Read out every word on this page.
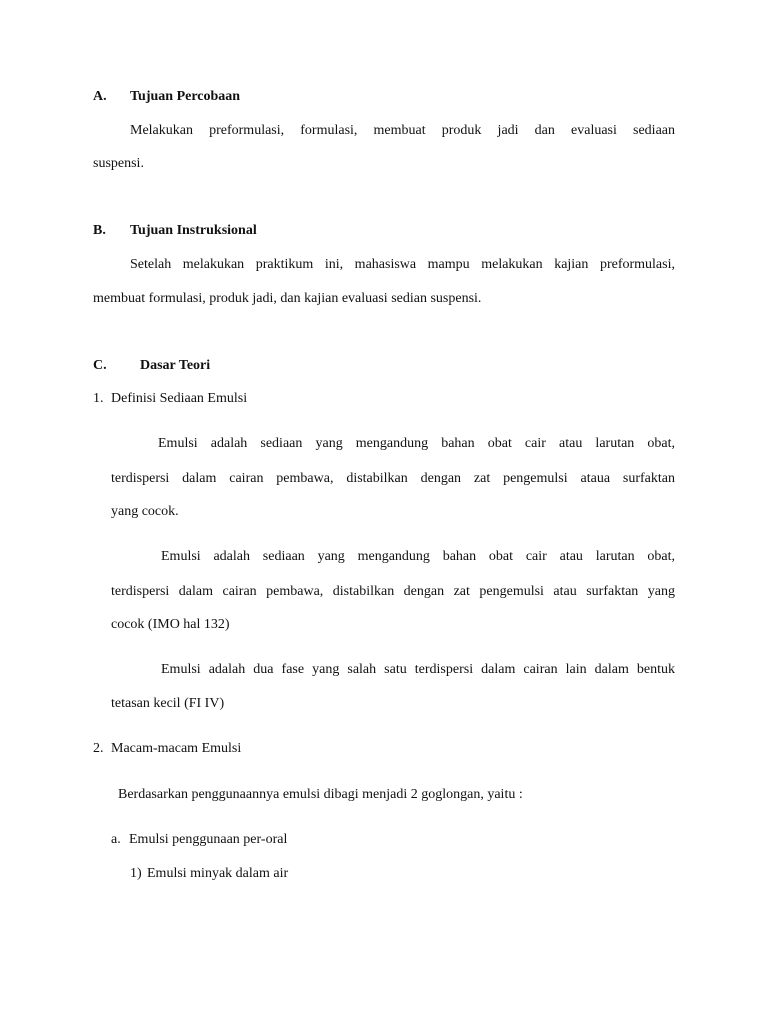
A. Tujuan Percobaan
Melakukan preformulasi, formulasi, membuat produk jadi dan evaluasi sediaan
suspensi.
B. Tujuan Instruksional
Setelah melakukan praktikum ini, mahasiswa mampu melakukan kajian preformulasi,
membuat formulasi, produk jadi, dan kajian evaluasi sedian suspensi.
C. Dasar Teori
1. Definisi Sediaan Emulsi
Emulsi adalah sediaan yang mengandung bahan obat cair atau larutan obat,
terdispersi dalam cairan pembawa, distabilkan dengan zat pengemulsi ataua surfaktan
yang cocok.
Emulsi adalah sediaan yang mengandung bahan obat cair atau larutan obat,
terdispersi dalam cairan pembawa, distabilkan dengan zat pengemulsi atau surfaktan yang
cocok (IMO hal 132)
Emulsi adalah dua fase yang salah satu terdispersi dalam cairan lain dalam bentuk
tetasan kecil (FI IV)
2. Macam-macam Emulsi
Berdasarkan penggunaannya emulsi dibagi menjadi 2 goglongan, yaitu :
a. Emulsi penggunaan per-oral
1) Emulsi minyak dalam air
